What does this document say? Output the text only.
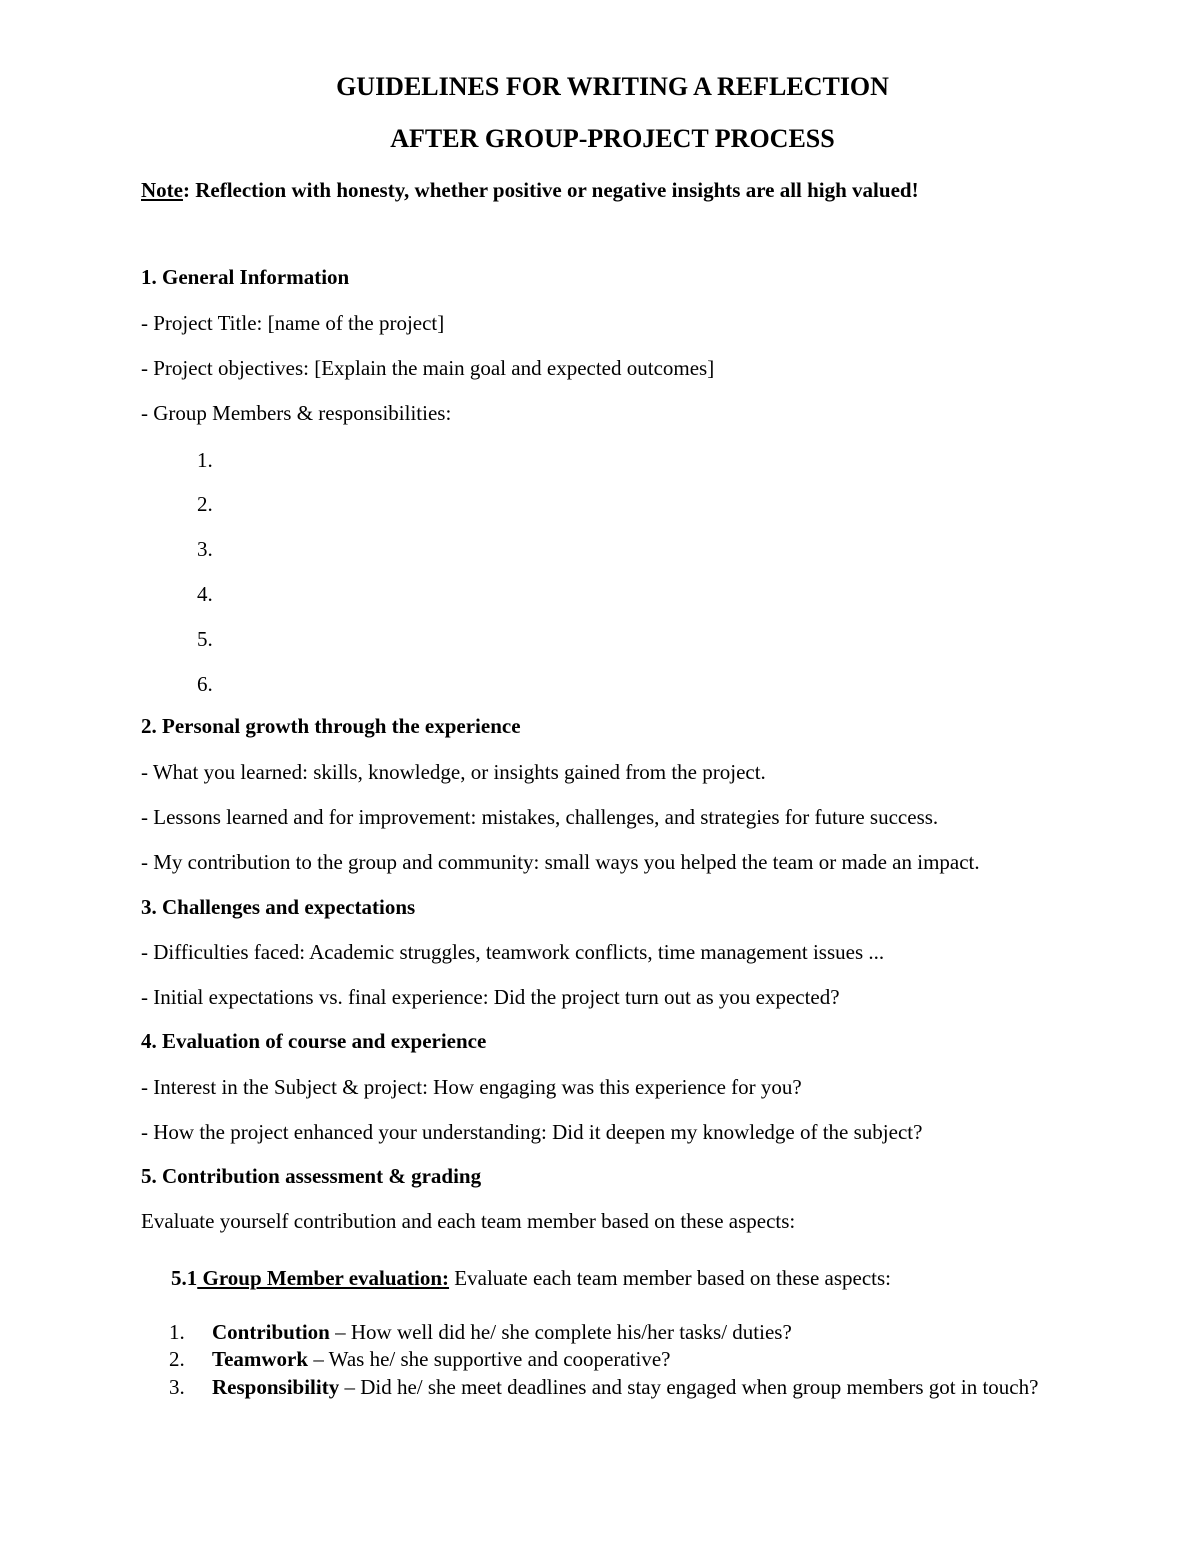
GUIDELINES FOR WRITING A REFLECTION
AFTER GROUP-PROJECT PROCESS
Note: Reflection with honesty, whether positive or negative insights are all high valued!
1. General Information
- Project Title: [name of the project]
- Project objectives: [Explain the main goal and expected outcomes]
- Group Members & responsibilities:
1.
2.
3.
4.
5.
6.
2. Personal growth through the experience
- What you learned: skills, knowledge, or insights gained from the project.
- Lessons learned and for improvement: mistakes, challenges, and strategies for future success.
- My contribution to the group and community: small ways you helped the team or made an impact.
3. Challenges and expectations
- Difficulties faced: Academic struggles, teamwork conflicts, time management issues ...
- Initial expectations vs. final experience: Did the project turn out as you expected?
4. Evaluation of course and experience
- Interest in the Subject & project: How engaging was this experience for you?
- How the project enhanced your understanding: Did it deepen my knowledge of the subject?
5. Contribution assessment & grading
Evaluate yourself contribution and each team member based on these aspects:
5.1 Group Member evaluation: Evaluate each team member based on these aspects:
1. Contribution – How well did he/ she complete his/her tasks/ duties?
2. Teamwork – Was he/ she supportive and cooperative?
3. Responsibility – Did he/ she meet deadlines and stay engaged when group members got in touch?
